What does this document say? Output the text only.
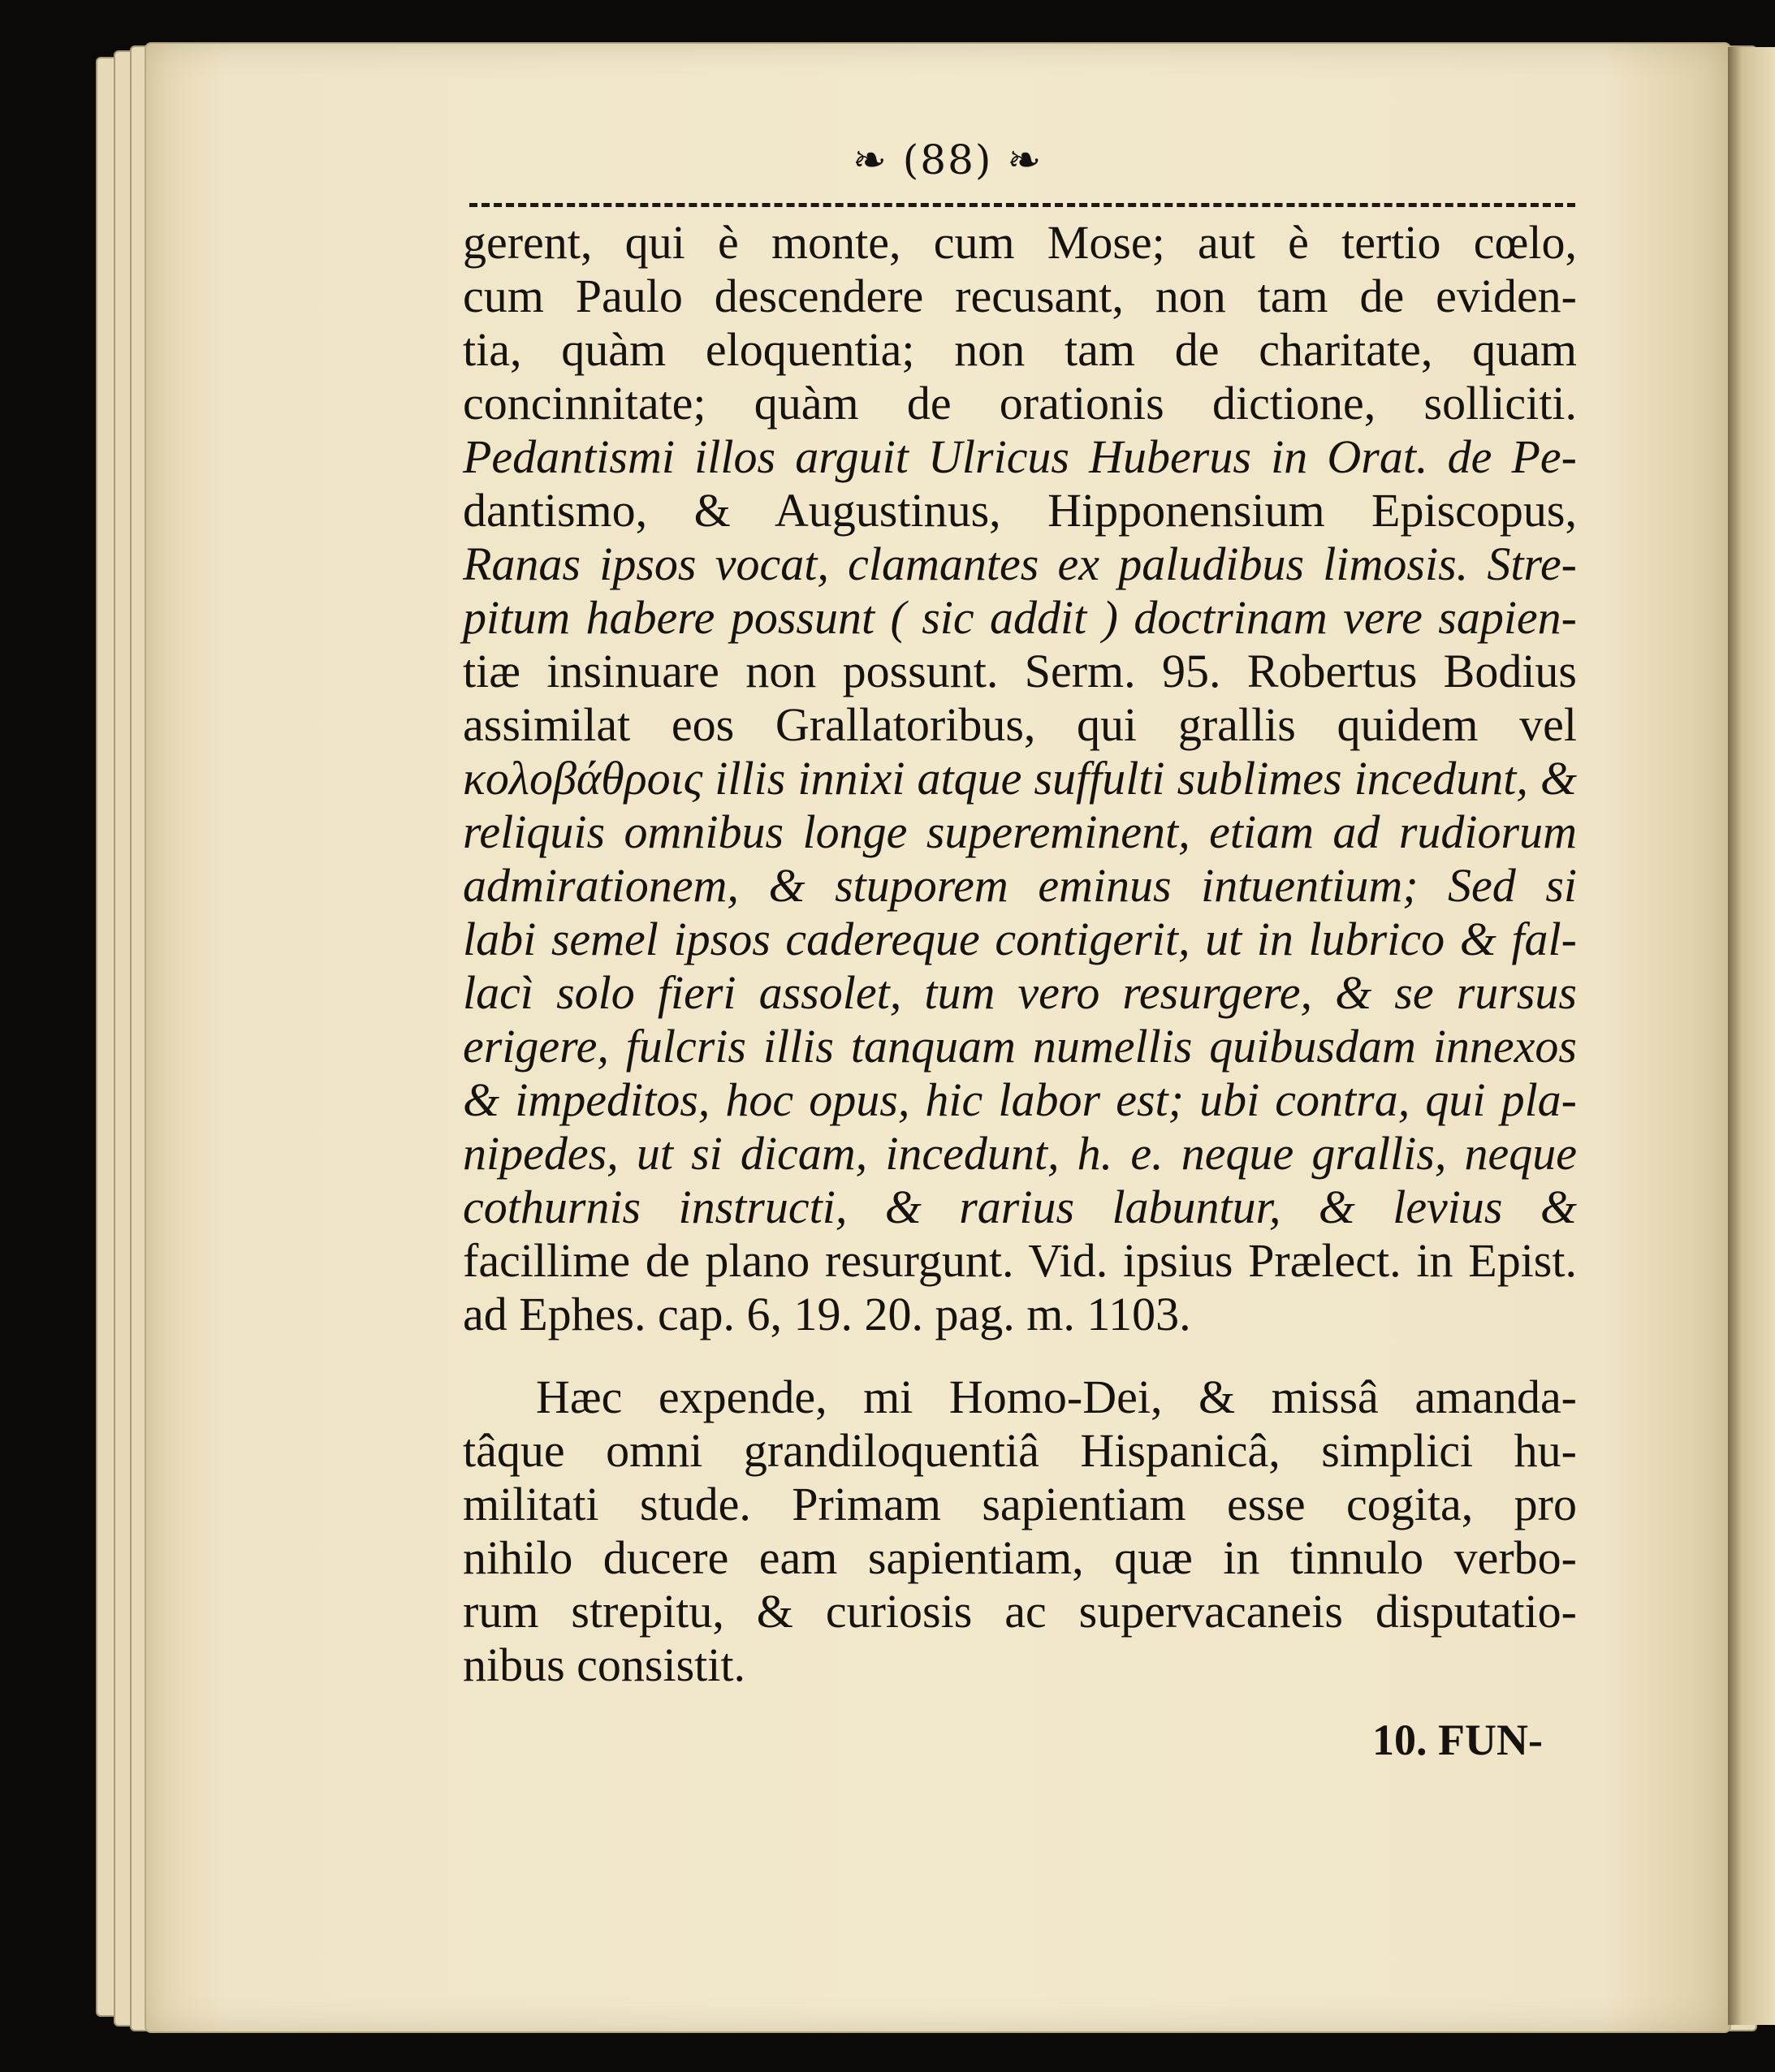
❧ (88) ❧
gerent, qui è monte, cum Mose; aut è tertio cœlo,
cum Paulo descendere recusant, non tam de eviden-
tia, quàm eloquentia; non tam de charitate, quam
concinnitate; quàm de orationis dictione, solliciti.
Pedantismi illos arguit Ulricus Huberus in Orat. de Pe-
dantismo, & Augustinus, Hipponensium Episcopus,
Ranas ipsos vocat, clamantes ex paludibus limosis. Stre-
pitum habere possunt ( sic addit ) doctrinam vere sapien-
tiæ insinuare non possunt. Serm. 95. Robertus Bodius
assimilat eos Grallatoribus, qui grallis quidem vel
κολοβάθροις illis innixi atque suffulti sublimes incedunt, &
reliquis omnibus longe supereminent, etiam ad rudiorum
admirationem, & stuporem eminus intuentium; Sed si
labi semel ipsos cadereque contigerit, ut in lubrico & fal-
lacì solo fieri assolet, tum vero resurgere, & se rursus
erigere, fulcris illis tanquam numellis quibusdam innexos
& impeditos, hoc opus, hic labor est; ubi contra, qui pla-
nipedes, ut si dicam, incedunt, h. e. neque grallis, neque
cothurnis instructi, & rarius labuntur, & levius &
facillime de plano resurgunt. Vid. ipsius Prælect. in Epist.
ad Ephes. cap. 6, 19. 20. pag. m. 1103.
Hæc expende, mi Homo-Dei, & missâ amanda-
tâque omni grandiloquentiâ Hispanicâ, simplici hu-
militati stude. Primam sapientiam esse cogita, pro
nihilo ducere eam sapientiam, quæ in tinnulo verbo-
rum strepitu, & curiosis ac supervacaneis disputatio-
nibus consistit.
10. FUN-
